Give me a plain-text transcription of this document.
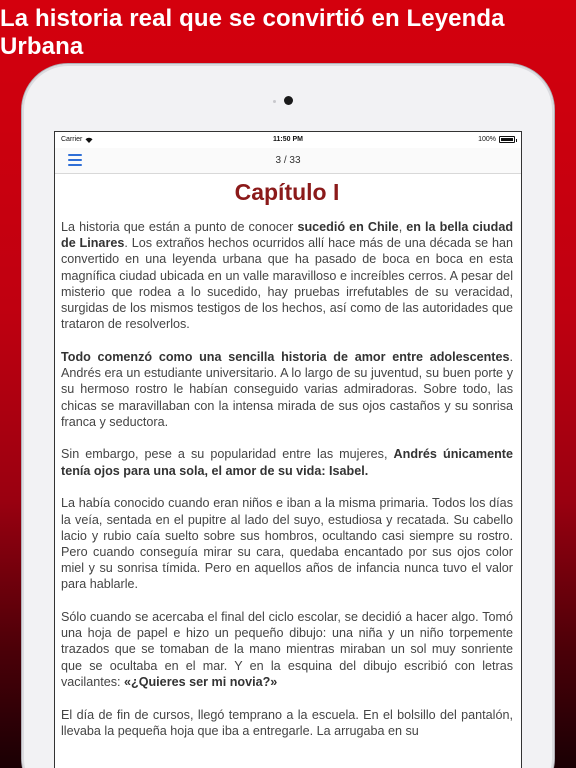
La historia real que se convirtió en Leyenda Urbana
Carrier	11:50 PM	100%
3 / 33
Capítulo I

La historia que están a punto de conocer sucedió en Chile, en la bella ciudad de Linares. Los extraños hechos ocurridos allí hace más de una década se han convertido en una leyenda urbana que ha pasado de boca en boca en esta magnífica ciudad ubicada en un valle maravilloso e increíbles cerros. A pesar del misterio que rodea a lo sucedido, hay pruebas irrefutables de su veracidad, surgidas de los mismos testigos de los hechos, así como de las autoridades que trataron de resolverlos.

Todo comenzó como una sencilla historia de amor entre adolescentes. Andrés era un estudiante universitario. A lo largo de su juventud, su buen porte y su hermoso rostro le habían conseguido varias admiradoras. Sobre todo, las chicas se maravillaban con la intensa mirada de sus ojos castaños y su sonrisa franca y seductora.

Sin embargo, pese a su popularidad entre las mujeres, Andrés únicamente tenía ojos para una sola, el amor de su vida: Isabel.

La había conocido cuando eran niños e iban a la misma primaria. Todos los días la veía, sentada en el pupitre al lado del suyo, estudiosa y recatada. Su cabello lacio y rubio caía suelto sobre sus hombros, ocultando casi siempre su rostro. Pero cuando conseguía mirar su cara, quedaba encantado por sus ojos color miel y su sonrisa tímida. Pero en aquellos años de infancia nunca tuvo el valor para hablarle.

Sólo cuando se acercaba el final del ciclo escolar, se decidió a hacer algo. Tomó una hoja de papel e hizo un pequeño dibujo: una niña y un niño torpemente trazados que se tomaban de la mano mientras miraban un sol muy sonriente que se ocultaba en el mar. Y en la esquina del dibujo escribió con letras vacilantes: «¿Quieres ser mi novia?»

El día de fin de cursos, llegó temprano a la escuela. En el bolsillo del pantalón, llevaba la pequeña hoja que iba a entregarle. La arrugaba en su
